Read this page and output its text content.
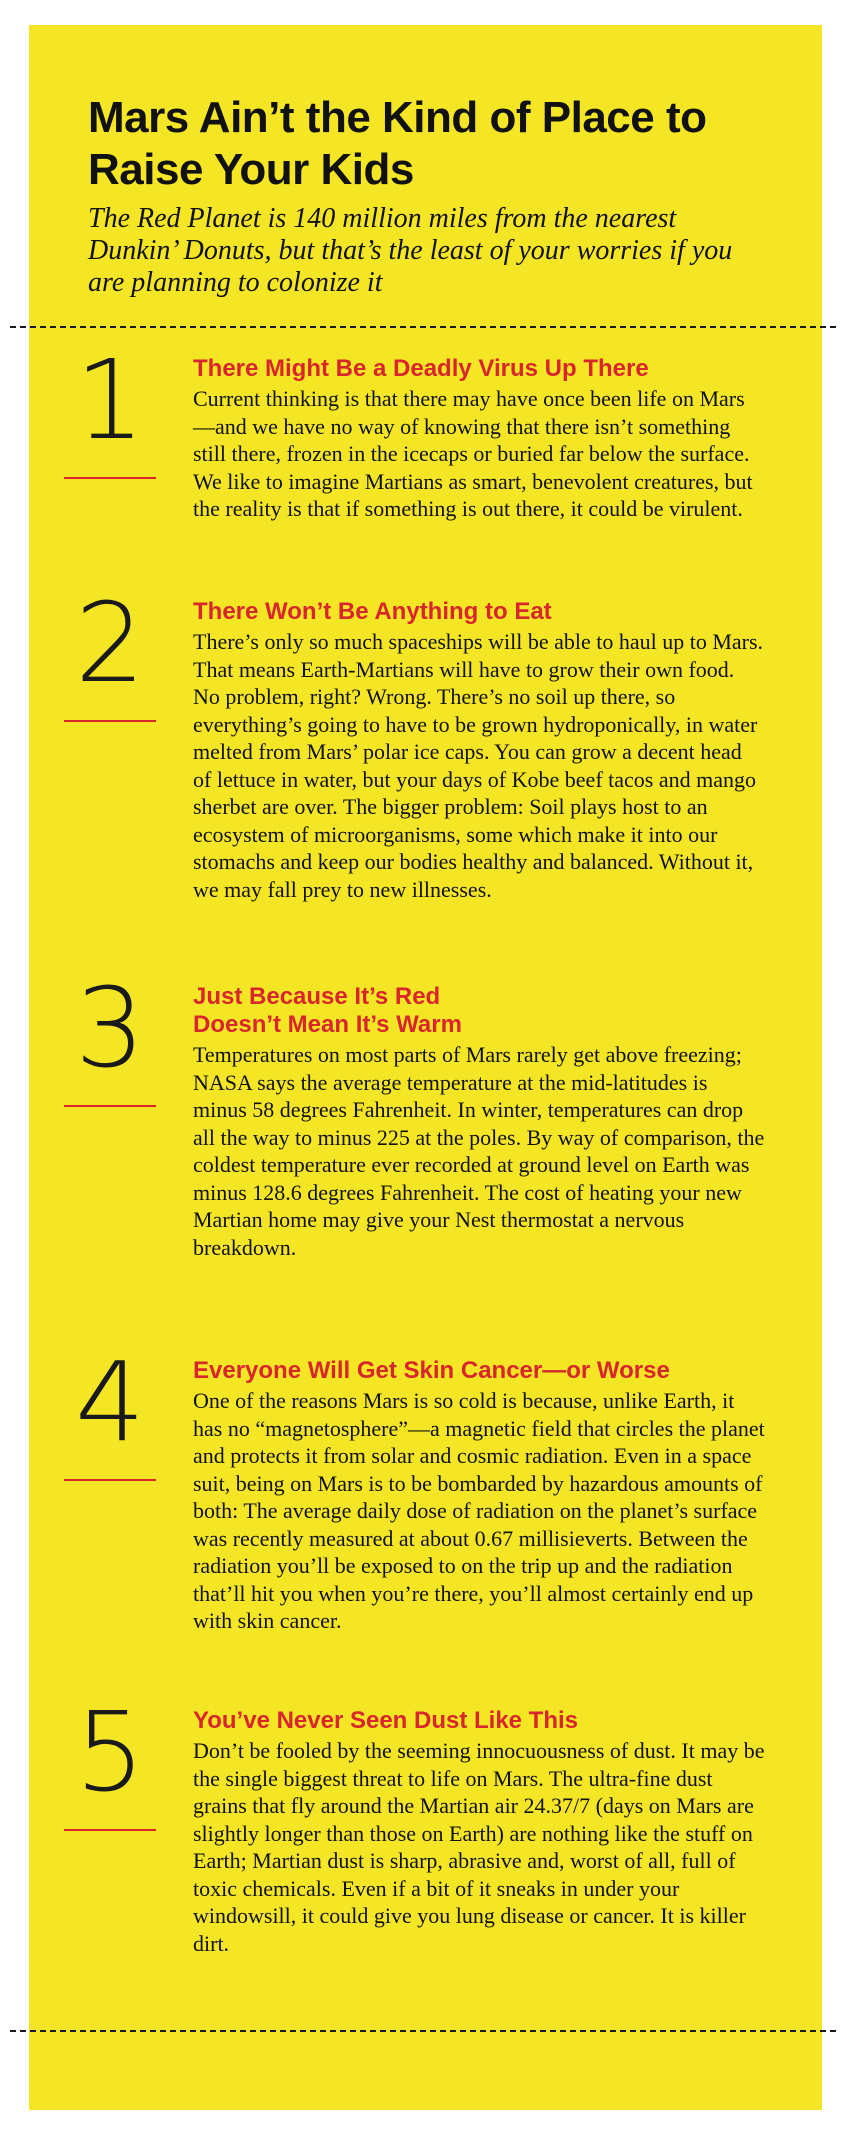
Mars Ain’t the Kind of Place to Raise Your Kids

The Red Planet is 140 million miles from the nearest Dunkin’ Donuts, but that’s the least of your worries if you are planning to colonize it

1	There Might Be a Deadly Virus Up There

Current thinking is that there may have once been life on Mars—and we have no way of knowing that there isn’t something still there, frozen in the icecaps or buried far below the surface. We like to imagine Martians as smart, benevolent creatures, but the reality is that if something is out there, it could be virulent.

2	There Won’t Be Anything to Eat

There’s only so much spaceships will be able to haul up to Mars. That means Earth-Martians will have to grow their own food. No problem, right? Wrong. There’s no soil up there, so everything’s going to have to be grown hydroponically, in water melted from Mars’ polar ice caps. You can grow a decent head of lettuce in water, but your days of Kobe beef tacos and mango sherbet are over. The bigger problem: Soil plays host to an ecosystem of microorganisms, some which make it into our stomachs and keep our bodies healthy and balanced. Without it, we may fall prey to new illnesses.

3	Just Because It’s Red Doesn’t Mean It’s Warm

Temperatures on most parts of Mars rarely get above freezing; NASA says the average temperature at the mid-latitudes is minus 58 degrees Fahrenheit. In winter, temperatures can drop all the way to minus 225 at the poles. By way of comparison, the coldest temperature ever recorded at ground level on Earth was minus 128.6 degrees Fahrenheit. The cost of heating your new Martian home may give your Nest thermostat a nervous breakdown.

4	Everyone Will Get Skin Cancer—or Worse

One of the reasons Mars is so cold is because, unlike Earth, it has no “magnetosphere”—a magnetic field that circles the planet and protects it from solar and cosmic radiation. Even in a space suit, being on Mars is to be bombarded by hazardous amounts of both: The average daily dose of radiation on the planet’s surface was recently measured at about 0.67 millisieverts. Between the radiation you’ll be exposed to on the trip up and the radiation that’ll hit you when you’re there, you’ll almost certainly end up with skin cancer.

5	You’ve Never Seen Dust Like This

Don’t be fooled by the seeming innocuousness of dust. It may be the single biggest threat to life on Mars. The ultra-fine dust grains that fly around the Martian air 24.37/7 (days on Mars are slightly longer than those on Earth) are nothing like the stuff on Earth; Martian dust is sharp, abrasive and, worst of all, full of toxic chemicals. Even if a bit of it sneaks in under your windowsill, it could give you lung disease or cancer. It is killer dirt.
